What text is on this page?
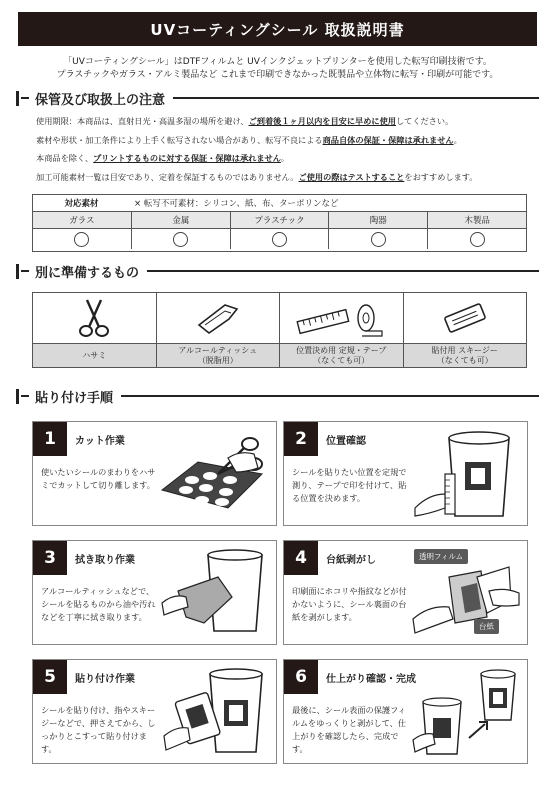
UVコーティングシール 取扱説明書
「UVコーティングシール」はDTFフィルムと UVインクジェットプリンターを使用した転写印刷技術です。
プラスチックやガラス・アルミ製品など これまで印刷できなかった既製品や立体物に転写・印刷が可能です。
保管及び取扱上の注意
使用期限：本商品は、直射日光・高温多湿の場所を避け、ご到着後１ヶ月以内を目安に早めに使用してください。
素材や形状・加工条件により上手く転写されない場合があり、転写不良による商品自体の保証・保障は承れません。
本商品を除く、プリントするものに対する保証・保障は承れません。
加工可能素材一覧は目安であり、定着を保証するものではありません。ご使用の際はテストすることをおすすめします。
対応素材	× 転写不可素材：シリコン、紙、布、ターポリンなど
ガラス	金属	プラスチック	陶器	木製品
別に準備するもの
ハサミ
アルコールティッシュ
（脱脂用）
位置決め用 定規・テープ
（なくても可）
貼付用 スキージー
（なくても可）
貼り付け手順
1	カット作業
使いたいシールのまわりをハサミでカットして切り離します。
2	位置確認
シールを貼りたい位置を定規で測り、テープで印を付けて、貼る位置を決めます。
3	拭き取り作業
アルコールティッシュなどで、シールを貼るものから油や汚れなどを丁寧に拭き取ります。
4	台紙剥がし
印刷面にホコリや指紋などが付かないように、シール裏面の台紙を剥がします。
透明フィルム
台紙
5	貼り付け作業
シールを貼り付け、指やスキージーなどで、押さえてから、しっかりとこすって貼り付けます。
6	仕上がり確認・完成
最後に、シール表面の保護フィルムをゆっくりと剥がして、仕上がりを確認したら、完成です。
